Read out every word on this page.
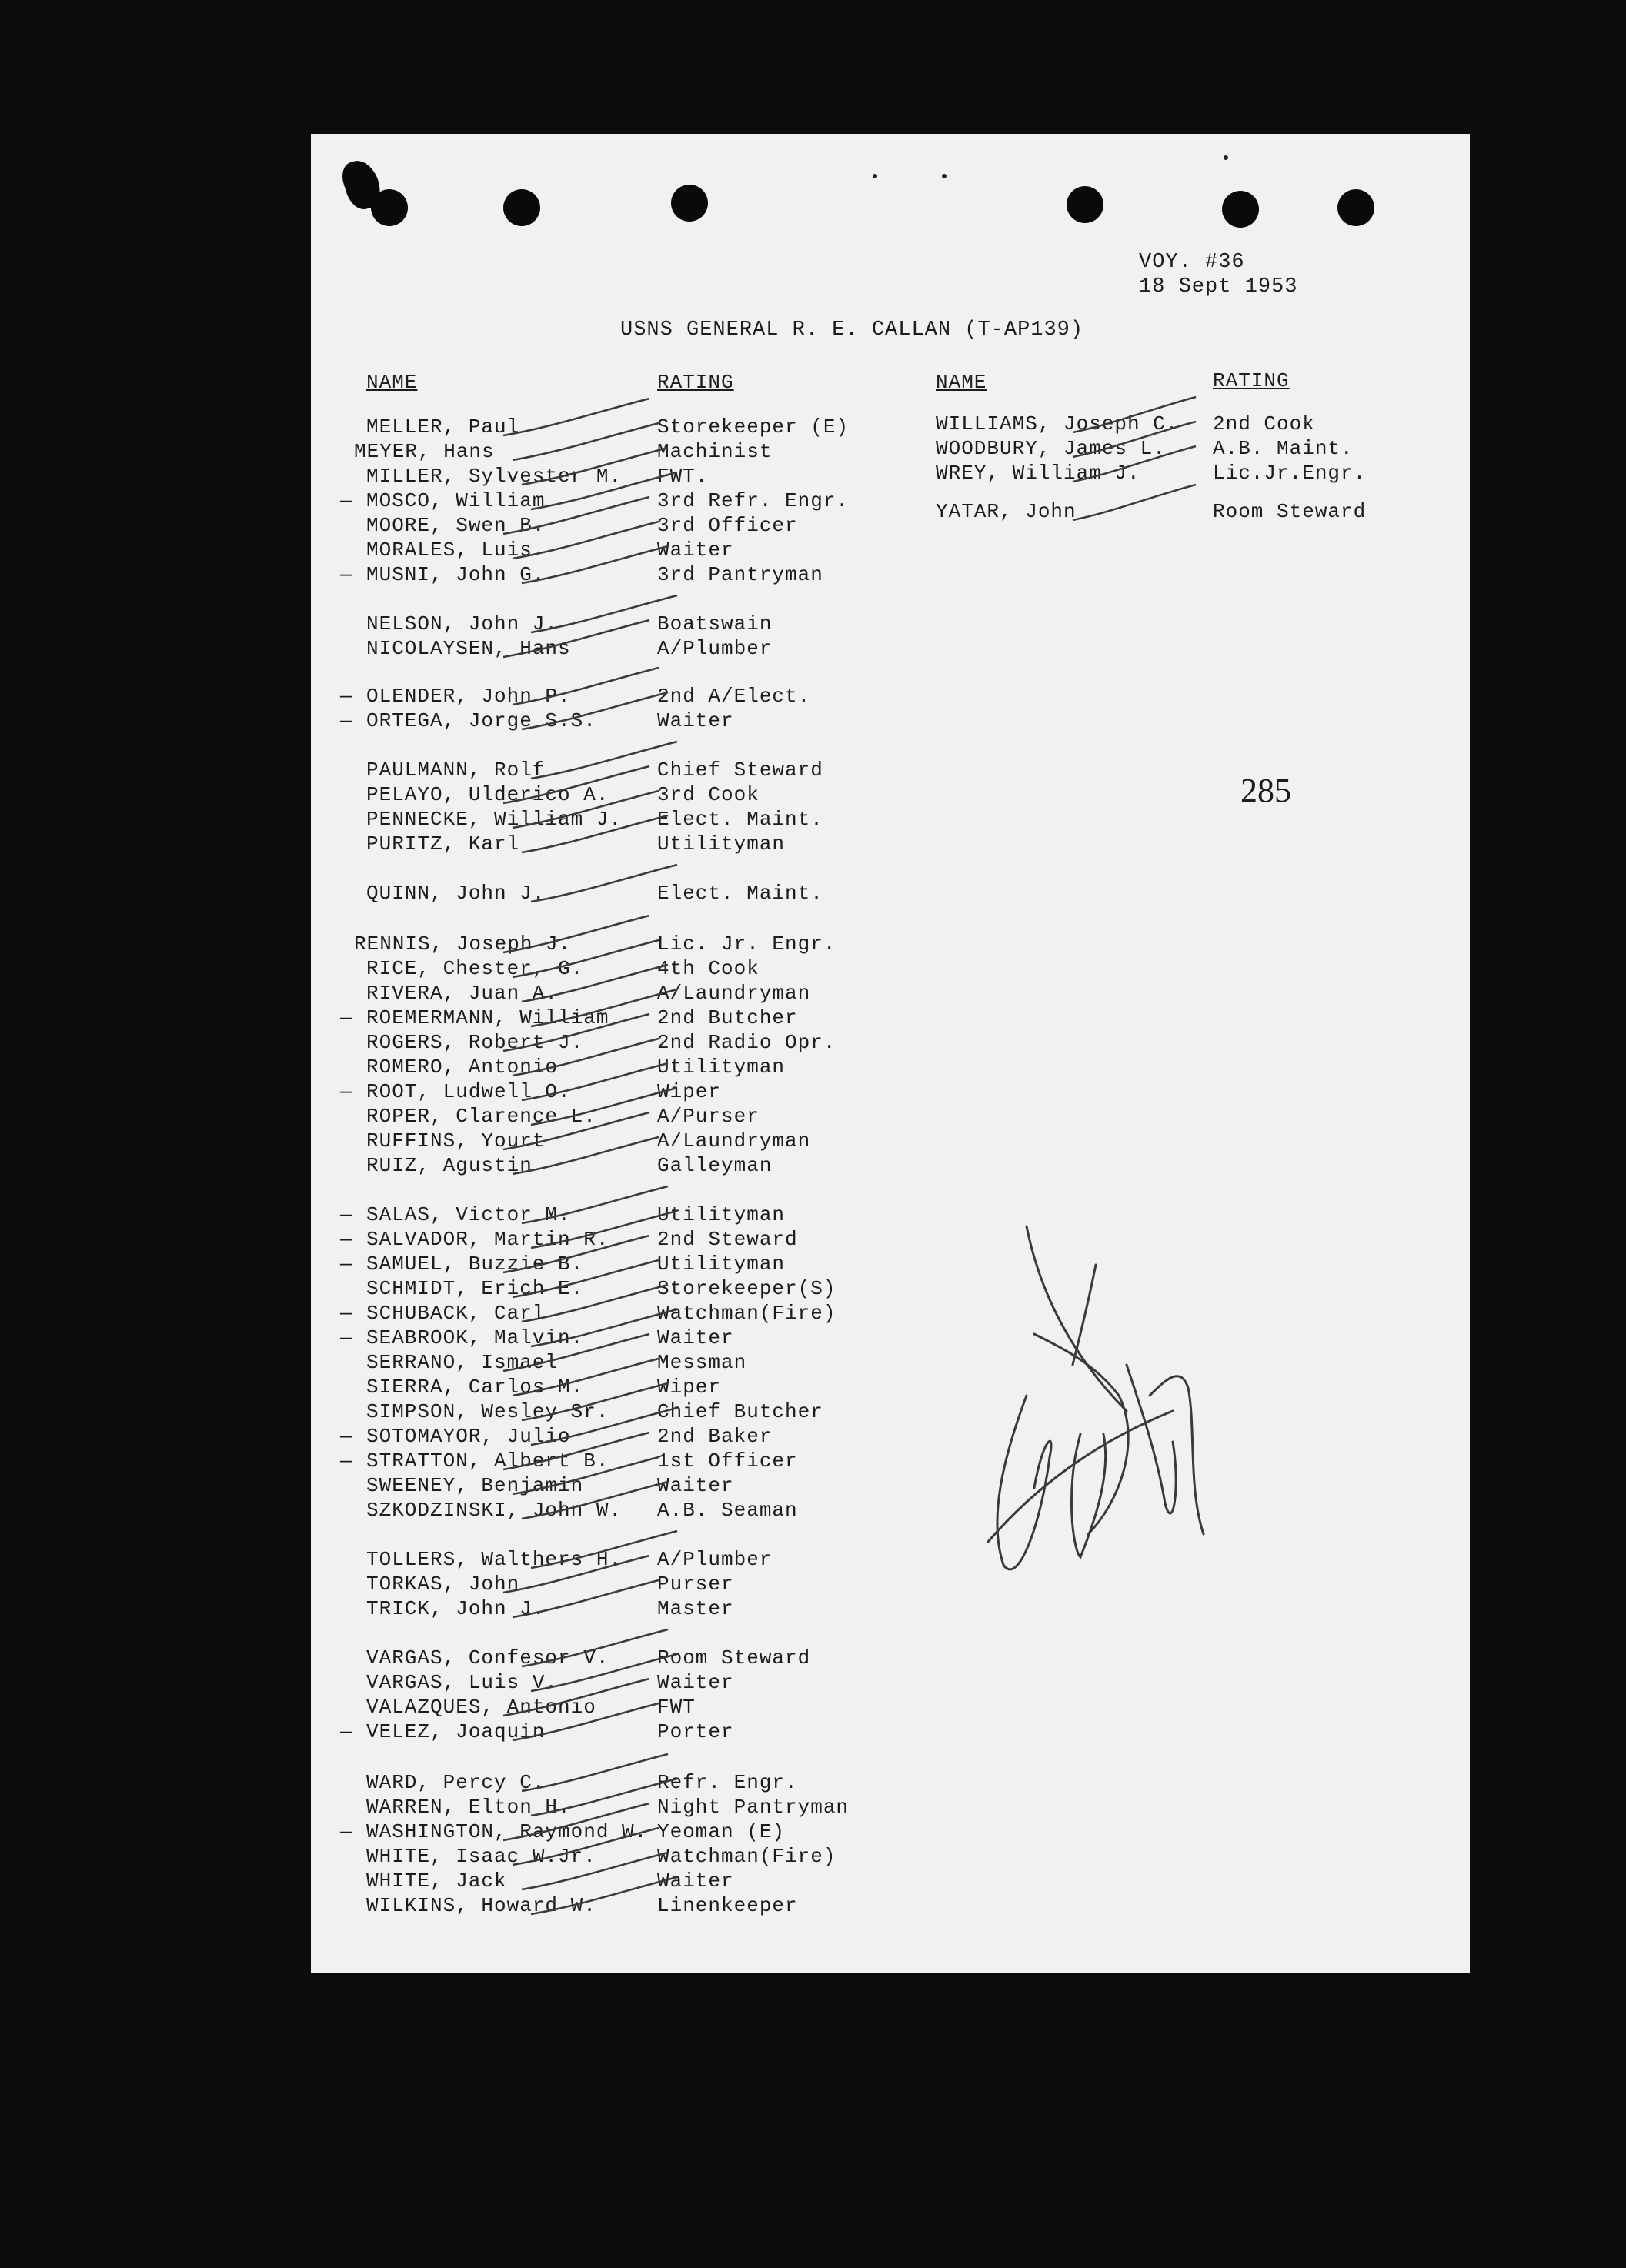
VOY. #36
18 Sept 1953
USNS GENERAL R. E. CALLAN (T-AP139)
285
NAME	RATING	NAME	RATING
MELLER, Paul	Storekeeper (E)
MEYER, Hans	Machinist
MILLER, Sylvester M. FWT.
— MOSCO, William	3rd Refr. Engr.
MOORE, Swen B.	3rd Officer
MORALES, Luis	Waiter
— MUSNI, John G.	3rd Pantryman
NELSON, John J.	Boatswain
NICOLAYSEN, Hans	A/Plumber
— OLENDER, John P.	2nd A/Elect.
— ORTEGA, Jorge S.S.	Waiter
PAULMANN, Rolf	Chief Steward
PELAYO, Ulderico A. 3rd Cook
PENNECKE, William J. Elect. Maint.
PURITZ, Karl	Utilityman
QUINN, John J.	Elect. Maint.
RENNIS, Joseph J.	Lic. Jr. Engr.
RICE, Chester, G.	4th Cook
RIVERA, Juan A.	A/Laundryman
— ROEMERMANN, William 2nd Butcher
ROGERS, Robert J.	2nd Radio Opr.
ROMERO, Antonio	Utilityman
— ROOT, Ludwell O.	Wiper
ROPER, Clarence L.	A/Purser
RUFFINS, Yourt	A/Laundryman
RUIZ, Agustin	Galleyman
— SALAS, Victor M.	Utilityman
— SALVADOR, Martin R. 2nd Steward
— SAMUEL, Buzzie B.	Utilityman
SCHMIDT, Erich E.	Storekeeper(S)
— SCHUBACK, Carl	Watchman(Fire)
— SEABROOK, Malvin.	Waiter
SERRANO, Ismael	Messman
SIERRA, Carlos M.	Wiper
SIMPSON, Wesley Sr. Chief Butcher
— SOTOMAYOR, Julio	2nd Baker
— STRATTON, Albert B. 1st Officer
SWEENEY, Benjamin	Waiter
SZKODZINSKI, John W. A.B. Seaman
TOLLERS, Walthers H. A/Plumber
TORKAS, John	Purser
TRICK, John J.	Master
VARGAS, Confesor V. Room Steward
VARGAS, Luis V.	Waiter
VALAZQUES, Antonio	FWT
— VELEZ, Joaquin	Porter
WARD, Percy C.	Refr. Engr.
WARREN, Elton H.	Night Pantryman
— WASHINGTON, Raymond W. Yeoman (E)
WHITE, Isaac W.Jr.	Watchman(Fire)
WHITE, Jack	Waiter
WILKINS, Howard W.	Linenkeeper
WILLIAMS, Joseph C. 2nd Cook
WOODBURY, James L. A.B. Maint.
WREY, William J.	Lic.Jr.Engr.
YATAR, John	Room Steward
